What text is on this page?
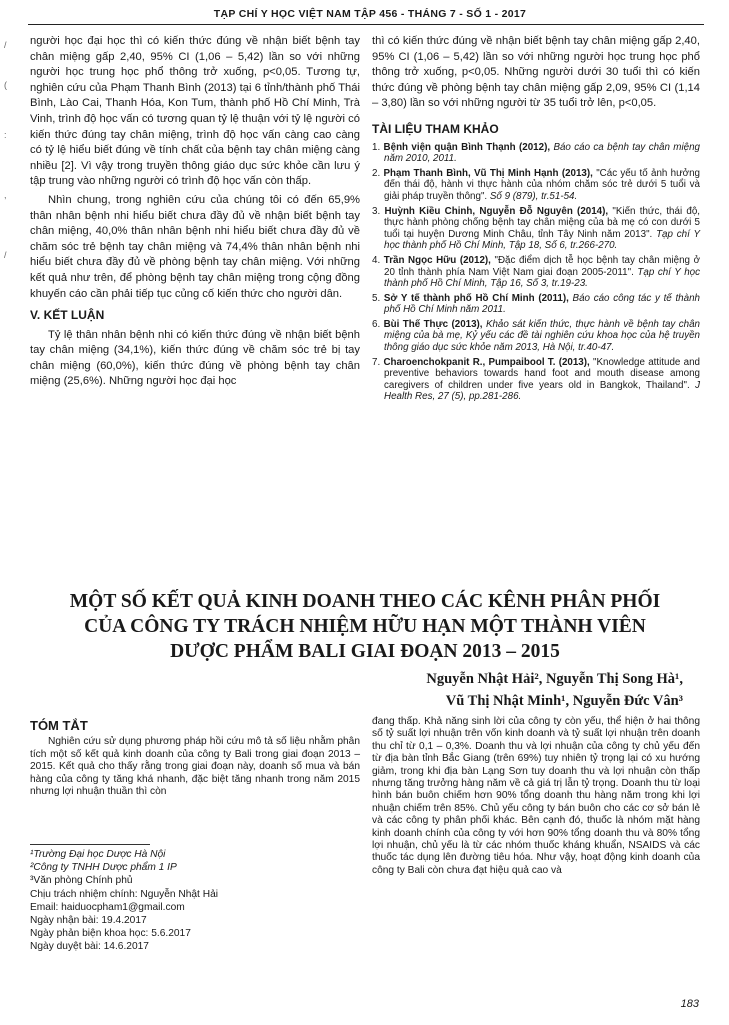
TẠP CHÍ Y HỌC VIỆT NAM TẬP 456 - THÁNG 7 - SỐ 1 - 2017
/
(
:
,
/

người học đại học thì có kiến thức đúng về nhận biết bệnh tay chân miệng gấp 2,40, 95% CI (1,06 – 5,42) lần so với những người học trung học phổ thông trở xuống, p<0,05. Tương tự, nghiên cứu của Phạm Thanh Bình (2013) tại 6 tỉnh/thành phố Thái Bình, Lào Cai, Thanh Hóa, Kon Tum, thành phố Hồ Chí Minh, Trà Vinh, trình độ học vấn có tương quan tỷ lệ thuận với tỷ lệ người có kiến thức đúng tay chân miệng, trình độ học vấn càng cao càng có tỷ lệ hiểu biết đúng về tính chất của bệnh tay chân miệng càng nhiều [2]. Vì vậy trong truyền thông giáo dục sức khỏe cần lưu ý tập trung vào những người có trình độ học vấn còn thấp.

Nhìn chung, trong nghiên cứu của chúng tôi có đến 65,9% thân nhân bệnh nhi hiểu biết chưa đầy đủ về nhận biết bệnh tay chân miệng, 40,0% thân nhân bệnh nhi hiểu biết chưa đầy đủ về chăm sóc trẻ bệnh tay chân miệng và 74,4% thân nhân bệnh nhi hiểu biết chưa đầy đủ về phòng bệnh tay chân miệng. Với những kết quả như trên, để phòng bệnh tay chân miệng trong cộng đồng khuyến cáo cần phải tiếp tục củng cố kiến thức cho người dân.

V. KẾT LUẬN

Tỷ lệ thân nhân bệnh nhi có kiến thức đúng về nhận biết bệnh tay chân miệng (34,1%), kiến thức đúng về chăm sóc trẻ bị tay chân miệng (60,0%), kiến thức đúng về phòng bệnh tay chân miệng (25,6%). Những người học đại học

thì có kiến thức đúng về nhận biết bệnh tay chân miệng gấp 2,40, 95% CI (1,06 – 5,42) lần so với những người học trung học phổ thông trở xuống, p<0,05. Những người dưới 30 tuổi thì có kiến thức đúng về phòng bệnh tay chân miệng gấp 2,09, 95% CI (1,14 – 3,80) lần so với những người từ 35 tuổi trở lên, p<0,05.

TÀI LIỆU THAM KHẢO
1. Bệnh viện quận Bình Thạnh (2012), Báo cáo ca bệnh tay chân miệng năm 2010, 2011.
2. Phạm Thanh Bình, Vũ Thị Minh Hạnh (2013), "Các yếu tố ảnh hưởng đến thái độ, hành vi thực hành của nhóm chăm sóc trẻ dưới 5 tuổi và giải pháp truyền thông". Số 9 (879), tr.51-54.
3. Huỳnh Kiều Chinh, Nguyễn Đỗ Nguyên (2014), "Kiến thức, thái độ, thực hành phòng chống bệnh tay chân miệng của bà mẹ có con dưới 5 tuổi tại huyện Dương Minh Châu, tỉnh Tây Ninh năm 2013". Tạp chí Y học thành phố Hồ Chí Minh, Tập 18, Số 6, tr.266-270.
4. Trần Ngọc Hữu (2012), "Đặc điểm dịch tễ học bệnh tay chân miệng ở 20 tỉnh thành phía Nam Việt Nam giai đoạn 2005-2011". Tạp chí Y học thành phố Hồ Chí Minh, Tập 16, Số 3, tr.19-23.
5. Sở Y tế thành phố Hồ Chí Minh (2011), Báo cáo công tác y tế thành phố Hồ Chí Minh năm 2011.
6. Bùi Thế Thực (2013), Khảo sát kiến thức, thực hành về bệnh tay chân miệng của bà mẹ, Kỷ yếu các đề tài nghiên cứu khoa học của hệ truyền thông giáo dục sức khỏe năm 2013, Hà Nội, tr.40-47.
7. Charoenchokpanit R., Pumpaibool T. (2013), "Knowledge attitude and preventive behaviors towards hand foot and mouth disease among caregivers of children under five years old in Bangkok, Thailand". J Health Res, 27 (5), pp.281-286.
MỘT SỐ KẾT QUẢ KINH DOANH THEO CÁC KÊNH PHÂN PHỐI
CỦA CÔNG TY TRÁCH NHIỆM HỮU HẠN MỘT THÀNH VIÊN
DƯỢC PHẨM BALI GIAI ĐOẠN 2013 – 2015
Nguyễn Nhật Hải², Nguyễn Thị Song Hà¹,
Vũ Thị Nhật Minh¹, Nguyễn Đức Vân³
TÓM TẮT

Nghiên cứu sử dụng phương pháp hồi cứu mô tả số liệu nhằm phân tích một số kết quả kinh doanh của công ty Bali trong giai đoạn 2013 – 2015. Kết quả cho thấy rằng trong giai đoạn này, doanh số mua và bán hàng của công ty tăng khá nhanh, đặc biệt tăng nhanh trong năm 2015 nhưng lợi nhuận thuần thì còn

đang thấp. Khả năng sinh lời của công ty còn yếu, thể hiện ở hai thông số tỷ suất lợi nhuận trên vốn kinh doanh và tỷ suất lợi nhuận trên doanh thu chỉ từ 0,1 – 0,3%. Doanh thu và lợi nhuận của công ty chủ yếu đến từ địa bàn tỉnh Bắc Giang (trên 69%) tuy nhiên tỷ trọng lại có xu hướng giảm, trong khi địa bàn Lạng Sơn tuy doanh thu và lợi nhuận còn thấp nhưng tăng trưởng hàng năm về cả giá trị lẫn tỷ trọng. Doanh thu từ loại hình bán buôn chiếm hơn 90% tổng doanh thu hàng năm trong khi lợi nhuận chiếm trên 85%. Chủ yếu công ty bán buôn cho các cơ sở bán lẻ và các công ty phân phối khác. Bên cạnh đó, thuốc là nhóm mặt hàng kinh doanh chính của công ty với hơn 90% tổng doanh thu và 80% tổng lợi nhuận, chủ yếu là từ các nhóm thuốc kháng khuẩn, NSAIDS và các thuốc tác dụng lên đường tiêu hóa. Như vậy, hoạt động kinh doanh của công ty Bali còn chưa đạt hiệu quả cao và

¹Trường Đại học Dược Hà Nội
²Công ty TNHH Dược phẩm 1 IP
³Văn phòng Chính phủ
Chịu trách nhiệm chính: Nguyễn Nhật Hải
Email: haiduocpham1@gmail.com
Ngày nhận bài: 19.4.2017
Ngày phản biện khoa học: 5.6.2017
Ngày duyệt bài: 14.6.2017
183
